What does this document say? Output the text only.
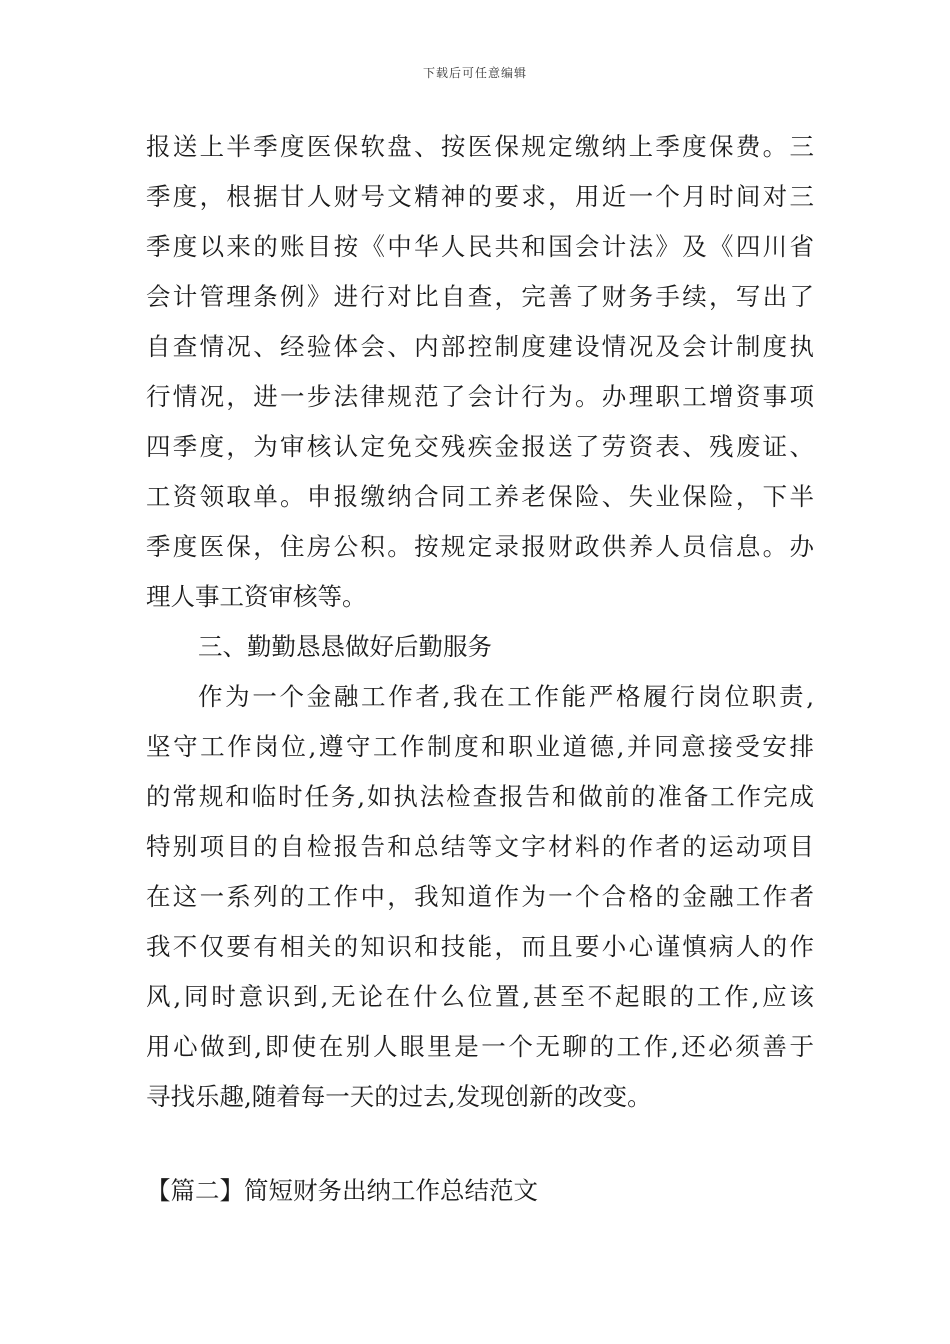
下载后可任意编辑
报送上半季度医保软盘、按医保规定缴纳上季度保费。三
季度，根据甘人财号文精神的要求，用近一个月时间对三
季度以来的账目按《中华人民共和国会计法》及《四川省
会计管理条例》进行对比自查，完善了财务手续，写出了
自查情况、经验体会、内部控制度建设情况及会计制度执
行情况，进一步法律规范了会计行为。办理职工增资事项
四季度，为审核认定免交残疾金报送了劳资表、残废证、
工资领取单。申报缴纳合同工养老保险、失业保险，下半
季度医保，住房公积。按规定录报财政供养人员信息。办
理人事工资审核等。
三、勤勤恳恳做好后勤服务
作为一个金融工作者,我在工作能严格履行岗位职责,
坚守工作岗位,遵守工作制度和职业道德,并同意接受安排
的常规和临时任务,如执法检查报告和做前的准备工作完成
特别项目的自检报告和总结等文字材料的作者的运动项目
在这一系列的工作中，我知道作为一个合格的金融工作者
我不仅要有相关的知识和技能，而且要小心谨慎病人的作
风,同时意识到,无论在什么位置,甚至不起眼的工作,应该
用心做到,即使在别人眼里是一个无聊的工作,还必须善于
寻找乐趣,随着每一天的过去,发现创新的改变。
【篇二】简短财务出纳工作总结范文
